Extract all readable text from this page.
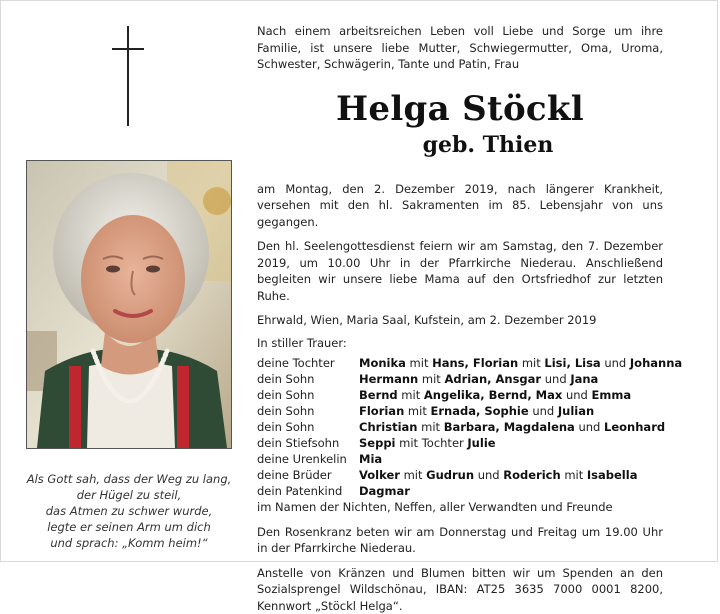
Als Gott sah, dass der Weg zu lang,
der Hügel zu steil,
das Atmen zu schwer wurde,
legte er seinen Arm um dich
und sprach: „Komm heim!“
Nach einem arbeitsreichen Leben voll Liebe und Sorge um ihre Familie, ist unsere liebe Mutter, Schwiegermutter, Oma, Uroma, Schwester, Schwägerin, Tante und Patin, Frau
Helga Stöckl
geb. Thien
am Montag, den 2. Dezember 2019, nach längerer Krankheit, versehen mit den hl. Sakramenten im 85. Lebensjahr von uns gegangen.
Den hl. Seelengottesdienst feiern wir am Samstag, den 7. Dezember 2019, um 10.00 Uhr in der Pfarrkirche Niederau. Anschließend begleiten wir unsere liebe Mama auf den Ortsfriedhof zur letzten Ruhe.
Ehrwald, Wien, Maria Saal, Kufstein, am 2. Dezember 2019
In stiller Trauer:
deine Tochter	Monika mit Hans, Florian mit Lisi, Lisa und Johanna
dein Sohn	Hermann mit Adrian, Ansgar und Jana
dein Sohn	Bernd mit Angelika, Bernd, Max und Emma
dein Sohn	Florian mit Ernada, Sophie und Julian
dein Sohn	Christian mit Barbara, Magdalena und Leonhard
dein Stiefsohn	Seppi mit Tochter Julie
deine Urenkelin	Mia
deine Brüder	Volker mit Gudrun und Roderich mit Isabella
dein Patenkind	Dagmar
im Namen der Nichten, Neffen, aller Verwandten und Freunde
Den Rosenkranz beten wir am Donnerstag und Freitag um 19.00 Uhr in der Pfarrkirche Niederau.
Anstelle von Kränzen und Blumen bitten wir um Spenden an den Sozialsprengel Wildschönau, IBAN: AT25 3635 7000 0001 8200, Kennwort „Stöckl Helga“.
